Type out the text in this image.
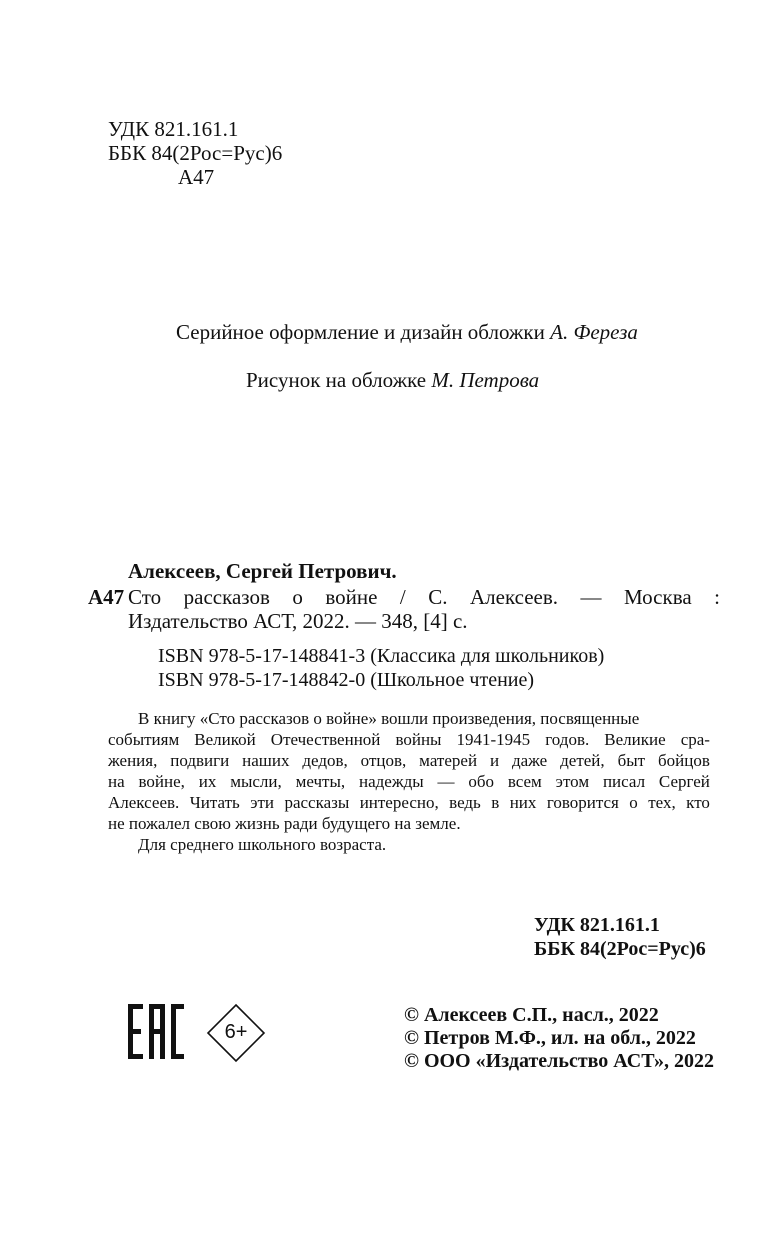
УДК 821.161.1
ББК 84(2Рос=Рус)6
А47
Серийное оформление и дизайн обложки А. Фереза
Рисунок на обложке М. Петрова
Алексеев, Сергей Петрович.
А47 Сто рассказов о войне / С. Алексеев. — Москва :
Издательство АСТ, 2022. — 348, [4] с.
ISBN 978-5-17-148841-3 (Классика для школьников)
ISBN 978-5-17-148842-0 (Школьное чтение)
В книгу «Сто рассказов о войне» вошли произведения, посвященные
событиям Великой Отечественной войны 1941-1945 годов. Великие сра-
жения, подвиги наших дедов, отцов, матерей и даже детей, быт бойцов
на войне, их мысли, мечты, надежды — обо всем этом писал Сергей
Алексеев. Читать эти рассказы интересно, ведь в них говорится о тех, кто
не пожалел свою жизнь ради будущего на земле.
Для среднего школьного возраста.
УДК 821.161.1
ББК 84(2Рос=Рус)6
6+
© Алексеев С.П., насл., 2022
© Петров М.Ф., ил. на обл., 2022
© ООО «Издательство АСТ», 2022
